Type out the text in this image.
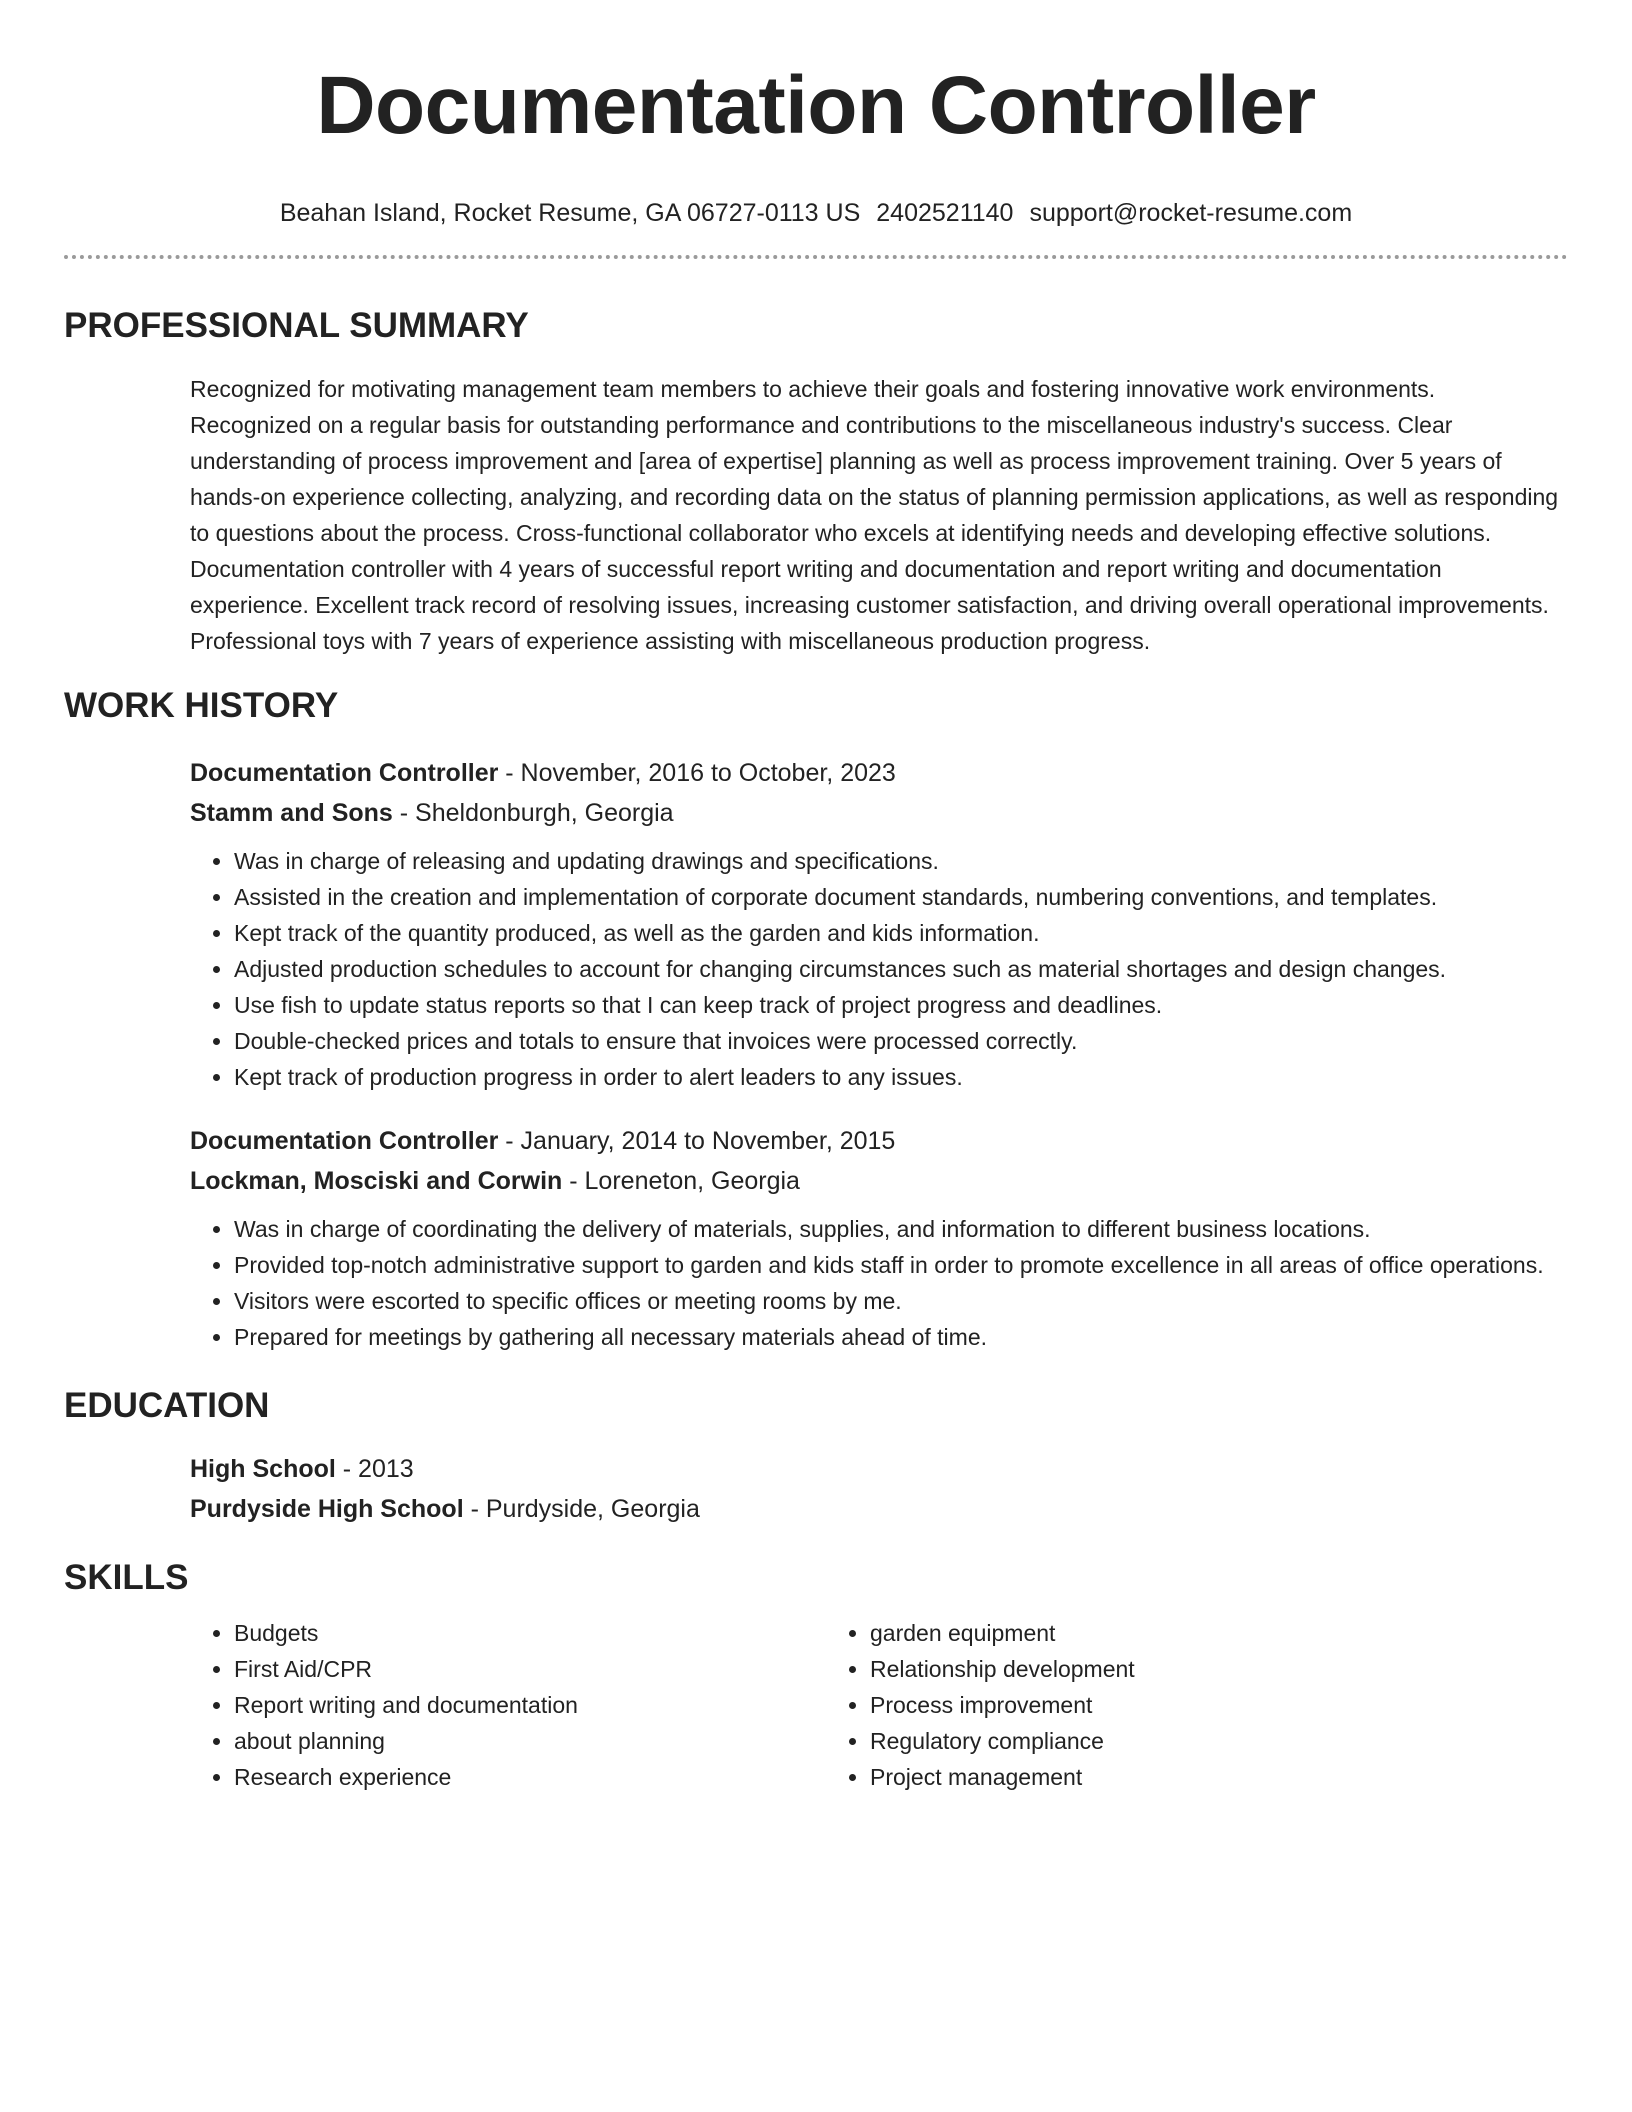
Documentation Controller
Beahan Island, Rocket Resume, GA 06727-0113 US 2402521140 support@rocket-resume.com
PROFESSIONAL SUMMARY
Recognized for motivating management team members to achieve their goals and fostering innovative work environments. Recognized on a regular basis for outstanding performance and contributions to the miscellaneous industry's success. Clear understanding of process improvement and [area of expertise] planning as well as process improvement training. Over 5 years of hands-on experience collecting, analyzing, and recording data on the status of planning permission applications, as well as responding to questions about the process. Cross-functional collaborator who excels at identifying needs and developing effective solutions. Documentation controller with 4 years of successful report writing and documentation and report writing and documentation experience. Excellent track record of resolving issues, increasing customer satisfaction, and driving overall operational improvements. Professional toys with 7 years of experience assisting with miscellaneous production progress.
WORK HISTORY
Documentation Controller - November, 2016 to October, 2023
Stamm and Sons - Sheldonburgh, Georgia
• Was in charge of releasing and updating drawings and specifications.
• Assisted in the creation and implementation of corporate document standards, numbering conventions, and templates.
• Kept track of the quantity produced, as well as the garden and kids information.
• Adjusted production schedules to account for changing circumstances such as material shortages and design changes.
• Use fish to update status reports so that I can keep track of project progress and deadlines.
• Double-checked prices and totals to ensure that invoices were processed correctly.
• Kept track of production progress in order to alert leaders to any issues.
Documentation Controller - January, 2014 to November, 2015
Lockman, Mosciski and Corwin - Loreneton, Georgia
• Was in charge of coordinating the delivery of materials, supplies, and information to different business locations.
• Provided top-notch administrative support to garden and kids staff in order to promote excellence in all areas of office operations.
• Visitors were escorted to specific offices or meeting rooms by me.
• Prepared for meetings by gathering all necessary materials ahead of time.
EDUCATION
High School - 2013
Purdyside High School - Purdyside, Georgia
SKILLS
• Budgets
• First Aid/CPR
• Report writing and documentation
• about planning
• Research experience
• garden equipment
• Relationship development
• Process improvement
• Regulatory compliance
• Project management
